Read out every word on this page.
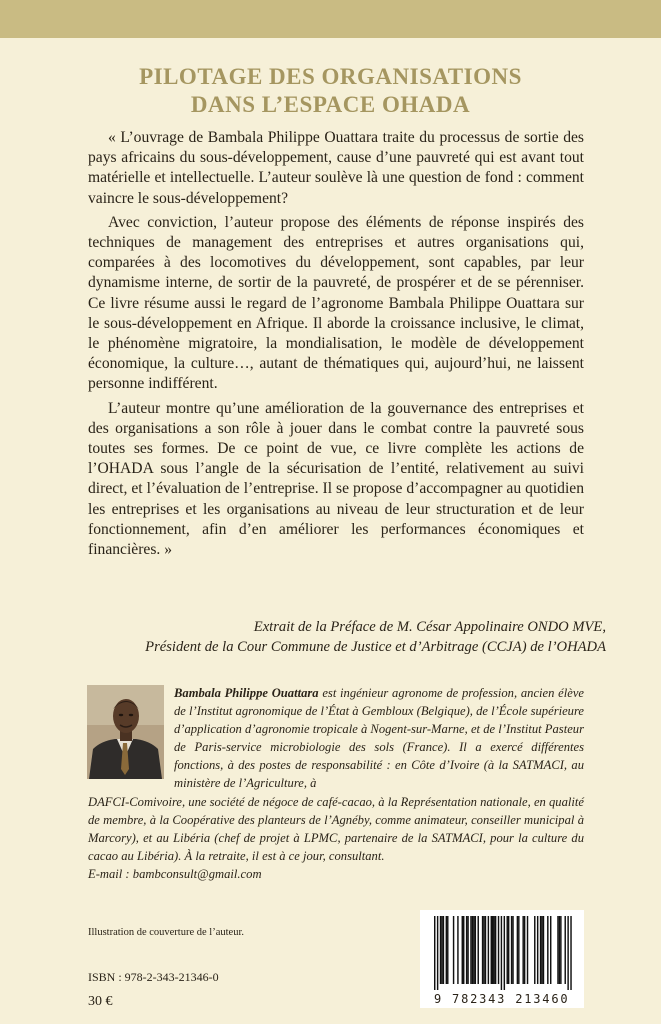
PILOTAGE DES ORGANISATIONS
DANS L’ESPACE OHADA

« L’ouvrage de Bambala Philippe Ouattara traite du processus de sortie des pays africains du sous-développement, cause d’une pauvreté qui est avant tout matérielle et intellectuelle. L’auteur soulève là une question de fond : comment vaincre le sous-développement?

Avec conviction, l’auteur propose des éléments de réponse inspirés des techniques de management des entreprises et autres organisations qui, comparées à des locomotives du développement, sont capables, par leur dynamisme interne, de sortir de la pauvreté, de prospérer et de se pérenniser. Ce livre résume aussi le regard de l’agronome Bambala Philippe Ouattara sur le sous-développement en Afrique. Il aborde la croissance inclusive, le climat, le phénomène migratoire, la mondialisation, le modèle de développement économique, la culture…, autant de thématiques qui, aujourd’hui, ne laissent personne indifférent.

L’auteur montre qu’une amélioration de la gouvernance des entreprises et des organisations a son rôle à jouer dans le combat contre la pauvreté sous toutes ses formes. De ce point de vue, ce livre complète les actions de l’OHADA sous l’angle de la sécurisation de l’entité, relativement au suivi direct, et l’évaluation de l’entreprise. Il se propose d’accompagner au quotidien les entreprises et les organisations au niveau de leur structuration et de leur fonctionnement, afin d’en améliorer les performances économiques et financières. »

Extrait de la Préface de M. César Appolinaire ONDO MVE,
Président de la Cour Commune de Justice et d’Arbitrage (CCJA) de l’OHADA
Bambala Philippe Ouattara est ingénieur agronome de profession, ancien élève de l’Institut agronomique de l’État à Gembloux (Belgique), de l’École supérieure d’application d’agronomie tropicale à Nogent-sur-Marne, et de l’Institut Pasteur de Paris-service microbiologie des sols (France). Il a exercé différentes fonctions, à des postes de responsabilité : en Côte d’Ivoire (à la SATMACI, au ministère de l’Agriculture, à
DAFCI-Comivoire, une société de négoce de café-cacao, à la Représentation nationale, en qualité de membre, à la Coopérative des planteurs de l’Agnéby, comme animateur, conseiller municipal à Marcory), et au Libéria (chef de projet à LPMC, partenaire de la SATMACI, pour la culture du cacao au Libéria). À la retraite, il est à ce jour, consultant.
E-mail : bambconsult@gmail.com
Illustration de couverture de l’auteur.
ISBN : 978-2-343-21346-0
30 €	9 782343 213460
